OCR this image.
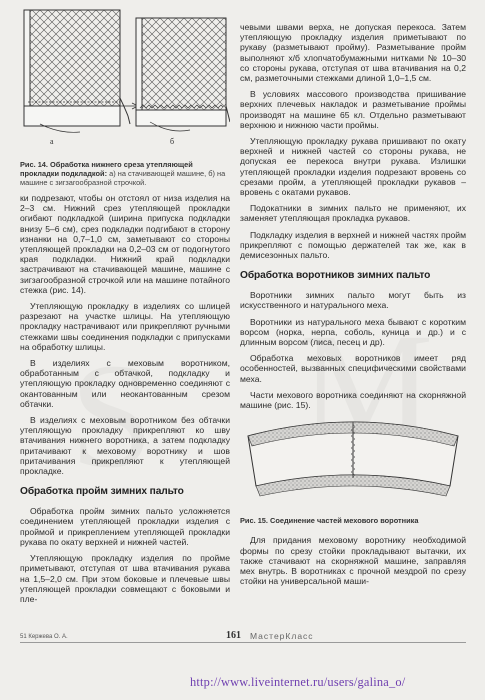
а	б
Рис. 14. Обработка нижнего среза утепляющей прокладки подкладкой: а) на стачивающей машине, б) на машине с зигзагообразной строчкой.

ки подрезают, чтобы он отстоял от низа изделия на 2–3 см. Нижний срез утепляющей прокладки огибают подкладкой (ширина припуска подкладки внизу 5–6 см), срез подкладки подгибают в сторону изнанки на 0,7–1,0 см, заметывают со стороны утепляющей прокладки на 0,2–03 см от подогнутого края подкладки. Нижний край подкладки застрачивают на стачивающей машине, машине с зигзагообразной строчкой или на машине потайного стежка (рис. 14).

Утепляющую прокладку в изделиях со шлицей разрезают на участке шлицы. На утепляющую прокладку настрачивают или прикрепляют ручными стежками швы соединения подкладки с припусками на обработку шлицы.

В изделиях с меховым воротником, обработанным с обтачкой, подкладку и утепляющую прокладку одновременно соединяют с окантованным или неокантованным срезом обтачки.

В изделиях с меховым воротником без обтачки утепляющую прокладку прикрепляют ко шву втачивания нижнего воротника, а затем подкладку притачивают к меховому воротнику и шов притачивания прикрепляют к утепляющей прокладке.

Обработка пройм зимних пальто

Обработка пройм зимних пальто усложняется соединением утепляющей прокладки изделия с проймой и прикреплением утепляющей прокладки рукава по окату верхней и нижней частей.

Утепляющую прокладку изделия по пройме приметывают, отступая от шва втачивания рукава на 1,5–2,0 см. При этом боковые и плечевые швы утепляющей прокладки совмещают с боковыми и пле-

чевыми швами верха, не допуская перекоса. Затем утепляющую прокладку изделия приметывают по рукаву (разметывают пройму). Разметывание пройм выполняют х/б хлопчатобумажными нитками № 10–30 со стороны рукава, отступая от шва втачивания на 0,2 см, разметочными стежками длиной 1,0–1,5 см.

В условиях массового производства пришивание верхних плечевых накладок и разметывание проймы производят на машине 65 кл. Отдельно разметывают верхнюю и нижнюю части проймы.

Утепляющую прокладку рукава пришивают по окату верхней и нижней частей со стороны рукава, не допуская ее перекоса внутри рукава. Излишки утепляющей прокладки изделия подрезают вровень со срезами пройм, а утепляющей прокладки рукавов – вровень с окатами рукавов.

Подокатники в зимних пальто не применяют, их заменяет утепляющая прокладка рукавов.

Подкладку изделия в верхней и нижней частях пройм прикрепляют с помощью держателей так же, как в демисезонных пальто.

Обработка воротников зимних пальто

Воротники зимних пальто могут быть из искусственного и натурального меха.

Воротники из натурального меха бывают с коротким ворсом (норка, нерпа, соболь, куница и др.) и с длинным ворсом (лиса, песец и др).

Обработка меховых воротников имеет ряд особенностей, вызванных специфическими свойствами меха.

Части мехового воротника соединяют на скорняжной машине (рис. 15).

Рис. 15. Соединение частей мехового воротника

Для придания меховому воротнику необходимой формы по срезу стойки прокладывают вытачки, их также стачивают на скорняжной машине, заправляя мех внутрь. В воротниках с прочной мездрой по срезу стойки на универсальной маши-

51 Кержева О. А.	161 МастерКласс
http://www.liveinternet.ru/users/galina_o/
